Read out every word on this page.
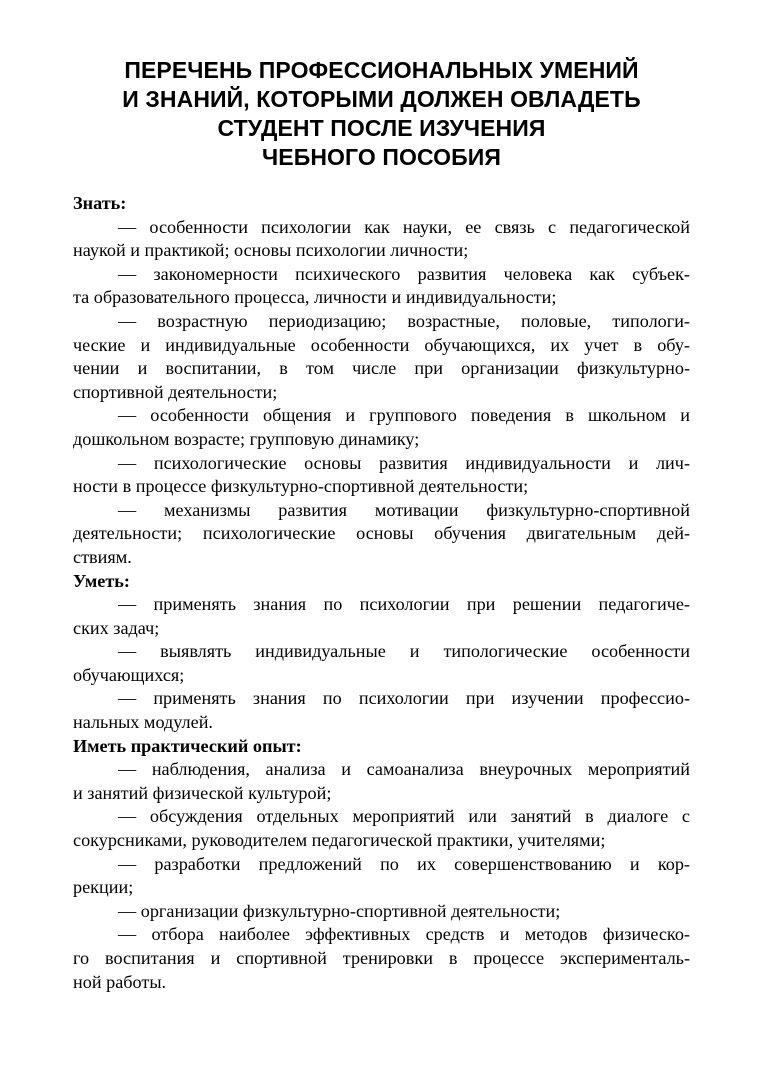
ПЕРЕЧЕНЬ ПРОФЕССИОНАЛЬНЫХ УМЕНИЙ
И ЗНАНИЙ, КОТОРЫМИ ДОЛЖЕН ОВЛАДЕТЬ
СТУДЕНТ ПОСЛЕ ИЗУЧЕНИЯ
ЧЕБНОГО ПОСОБИЯ

Знать:

— особенности психологии как науки, ее связь с педагогической
наукой и практикой; основы психологии личности;

— закономерности психического развития человека как субъек-
та образовательного процесса, личности и индивидуальности;

— возрастную периодизацию; возрастные, половые, типологи-
ческие и индивидуальные особенности обучающихся, их учет в обу-
чении и воспитании, в том числе при организации физкультурно-
спортивной деятельности;

— особенности общения и группового поведения в школьном и
дошкольном возрасте; групповую динамику;

— психологические основы развития индивидуальности и лич-
ности в процессе физкультурно-спортивной деятельности;

— механизмы развития мотивации физкультурно-спортивной
деятельности; психологические основы обучения двигательным дей-
ствиям.

Уметь:

— применять знания по психологии при решении педагогиче-
ских задач;

— выявлять индивидуальные и типологические особенности
обучающихся;

— применять знания по психологии при изучении профессио-
нальных модулей.

Иметь практический опыт:

— наблюдения, анализа и самоанализа внеурочных мероприятий
и занятий физической культурой;

— обсуждения отдельных мероприятий или занятий в диалоге с
сокурсниками, руководителем педагогической практики, учителями;

— разработки предложений по их совершенствованию и кор-
рекции;

— организации физкультурно-спортивной деятельности;

— отбора наиболее эффективных средств и методов физическо-
го воспитания и спортивной тренировки в процессе эксперименталь-
ной работы.
